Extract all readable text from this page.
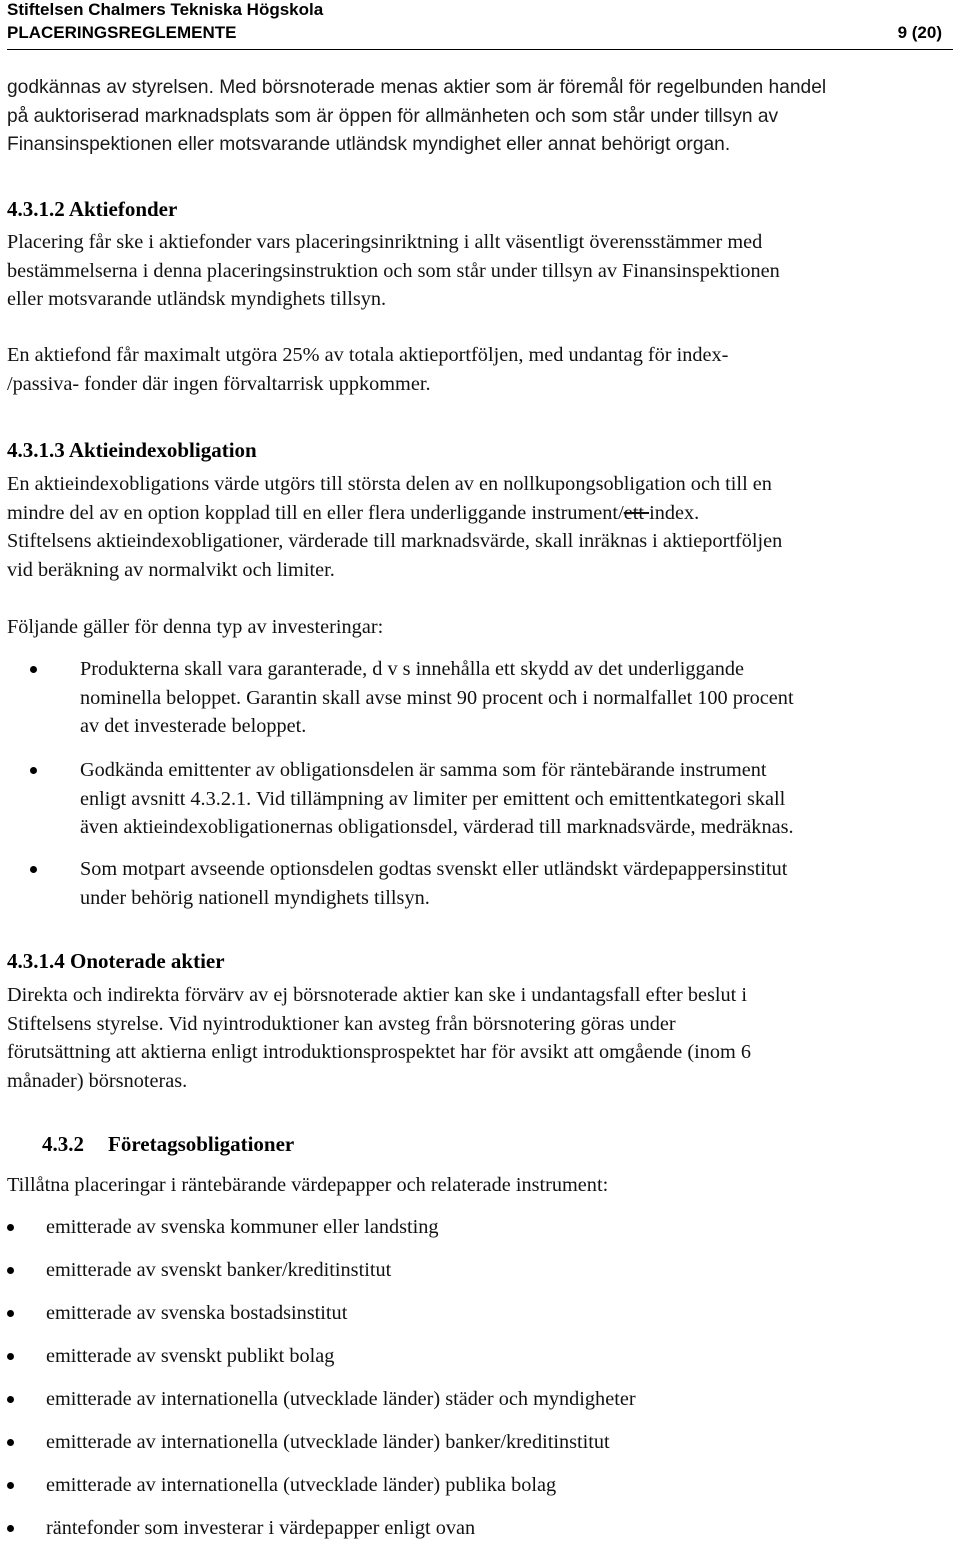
Stiftelsen Chalmers Tekniska Högskola
PLACERINGSREGLEMENTE	9 (20)
godkännas av styrelsen. Med börsnoterade menas aktier som är föremål för regelbunden handel
på auktoriserad marknadsplats som är öppen för allmänheten och som står under tillsyn av
Finansinspektionen eller motsvarande utländsk myndighet eller annat behörigt organ.
4.3.1.2 Aktiefonder
Placering får ske i aktiefonder vars placeringsinriktning i allt väsentligt överensstämmer med
bestämmelserna i denna placeringsinstruktion och som står under tillsyn av Finansinspektionen
eller motsvarande utländsk myndighets tillsyn.
En aktiefond får maximalt utgöra 25% av totala aktieportföljen, med undantag för index-
/passiva- fonder där ingen förvaltarrisk uppkommer.
4.3.1.3 Aktieindexobligation
En aktieindexobligations värde utgörs till största delen av en nollkupongsobligation och till en
mindre del av en option kopplad till en eller flera underliggande instrument/ett index.
Stiftelsens aktieindexobligationer, värderade till marknadsvärde, skall inräknas i aktieportföljen
vid beräkning av normalvikt och limiter.
Följande gäller för denna typ av investeringar:
Produkterna skall vara garanterade, d v s innehålla ett skydd av det underliggande
nominella beloppet. Garantin skall avse minst 90 procent och i normalfallet 100 procent
av det investerade beloppet.
Godkända emittenter av obligationsdelen är samma som för räntebärande instrument
enligt avsnitt 4.3.2.1. Vid tillämpning av limiter per emittent och emittentkategori skall
även aktieindexobligationernas obligationsdel, värderad till marknadsvärde, medräknas.
Som motpart avseende optionsdelen godtas svenskt eller utländskt värdepappersinstitut
under behörig nationell myndighets tillsyn.
4.3.1.4 Onoterade aktier
Direkta och indirekta förvärv av ej börsnoterade aktier kan ske i undantagsfall efter beslut i
Stiftelsens styrelse. Vid nyintroduktioner kan avsteg från börsnotering göras under
förutsättning att aktierna enligt introduktionsprospektet har för avsikt att omgående (inom 6
månader) börsnoteras.
4.3.2 Företagsobligationer
Tillåtna placeringar i räntebärande värdepapper och relaterade instrument:
emitterade av svenska kommuner eller landsting
emitterade av svenskt banker/kreditinstitut
emitterade av svenska bostadsinstitut
emitterade av svenskt publikt bolag
emitterade av internationella (utvecklade länder) städer och myndigheter
emitterade av internationella (utvecklade länder) banker/kreditinstitut
emitterade av internationella (utvecklade länder) publika bolag
räntefonder som investerar i värdepapper enligt ovan
